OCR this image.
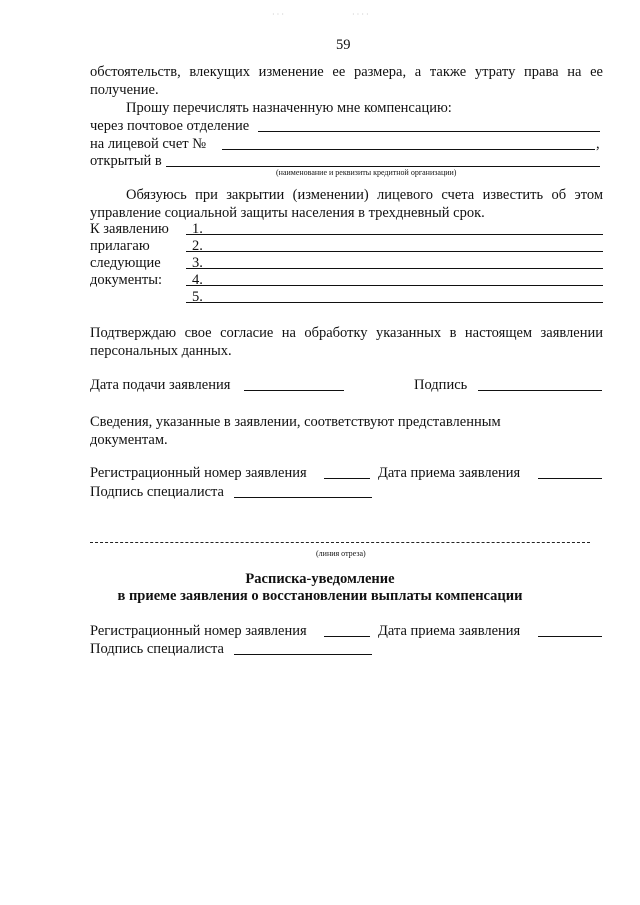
· · ·	· · · ·
59
обстоятельств, влекущих изменение ее размера, а также утрату права на ее
получение.
Прошу перечислять назначенную мне компенсацию:
через почтовое отделение
на лицевой счет №	,
открытый в
(наименование и реквизиты кредитной организации)
Обязуюсь при закрытии (изменении) лицевого счета известить об этом
управление социальной защиты населения в трехдневный срок.
К заявлению
прилагаю
следующие
документы:
1.
2.
3.
4.
5.
Подтверждаю свое согласие на обработку указанных в настоящем заявлении
персональных данных.
Дата подачи заявления	Подпись
Сведения, указанные в заявлении, соответствуют представленным
документам.
Регистрационный номер заявления	Дата приема заявления
Подпись специалиста
(линия отреза)
Расписка-уведомление
в приеме заявления о восстановлении выплаты компенсации
Регистрационный номер заявления	Дата приема заявления
Подпись специалиста
